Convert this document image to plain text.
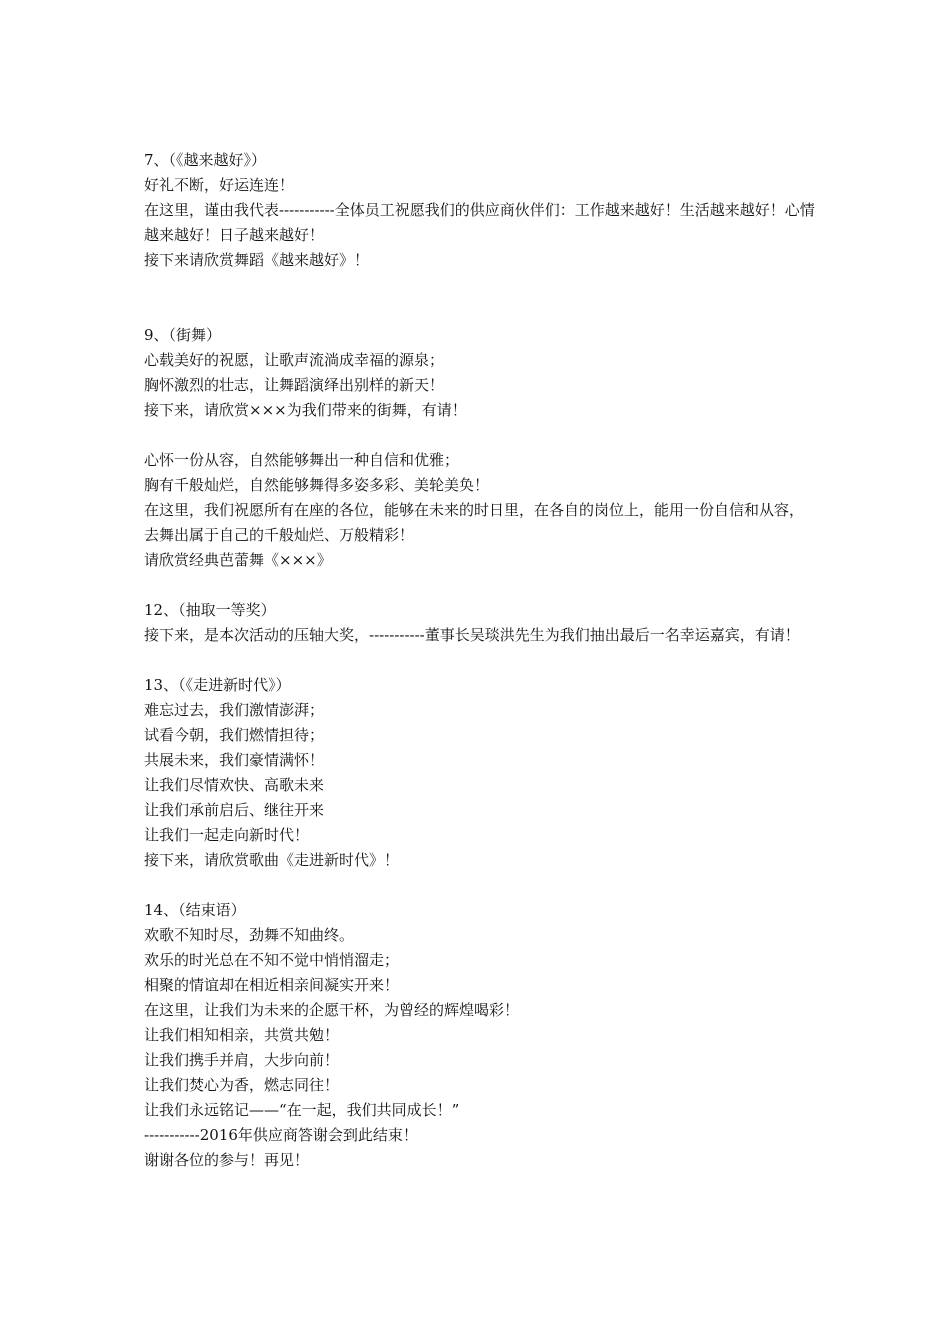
7、（《越来越好》）
好礼不断，好运连连！
在这里，谨由我代表-----------全体员工祝愿我们的供应商伙伴们：工作越来越好！生活越来越好！心情越来越好！日子越来越好！
接下来请欣赏舞蹈《越来越好》！
9、（街舞）
心载美好的祝愿，让歌声流淌成幸福的源泉；
胸怀激烈的壮志，让舞蹈演绎出别样的新天！
接下来，请欣赏×××为我们带来的街舞，有请！
心怀一份从容，自然能够舞出一种自信和优雅；
胸有千般灿烂，自然能够舞得多姿多彩、美轮美奂！
在这里，我们祝愿所有在座的各位，能够在未来的时日里，在各自的岗位上，能用一份自信和从容，去舞出属于自己的千般灿烂、万般精彩！
请欣赏经典芭蕾舞《×××》
12、（抽取一等奖）
接下来，是本次活动的压轴大奖，-----------董事长吴琰洪先生为我们抽出最后一名幸运嘉宾，有请！
13、（《走进新时代》）
难忘过去，我们激情澎湃；
试看今朝，我们燃情担待；
共展未来，我们豪情满怀！
让我们尽情欢快、高歌未来
让我们承前启后、继往开来
让我们一起走向新时代！
接下来，请欣赏歌曲《走进新时代》！
14、（结束语）
欢歌不知时尽，劲舞不知曲终。
欢乐的时光总在不知不觉中悄悄溜走；
相聚的情谊却在相近相亲间凝实开来！
在这里，让我们为未来的企愿干杯，为曾经的辉煌喝彩！
让我们相知相亲，共赏共勉！
让我们携手并肩，大步向前！
让我们焚心为香，燃志同往！
让我们永远铭记——“在一起，我们共同成长！”
-----------2016年供应商答谢会到此结束！
谢谢各位的参与！再见！
